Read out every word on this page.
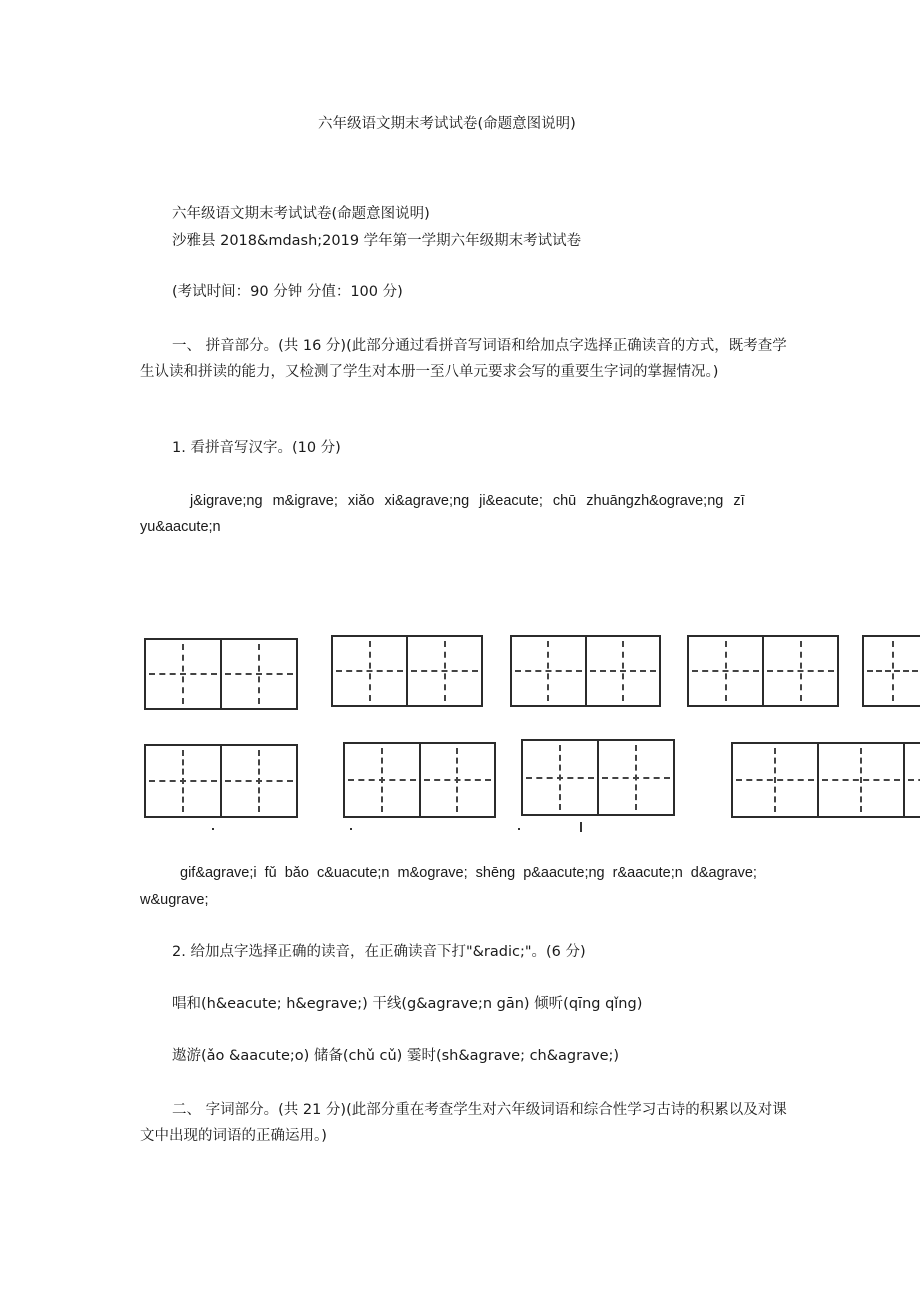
六年级语文期末考试试卷(命题意图说明)
六年级语文期末考试试卷(命题意图说明)
沙雅县 2018&mdash;2019 学年第一学期六年级期末考试试卷
(考试时间：90 分钟 分值：100 分)
一、 拼音部分。(共 16 分)(此部分通过看拼音写词语和给加点字选择正确读音的方式，既考查学生认读和拼读的能力，又检测了学生对本册一至八单元要求会写的重要生字词的掌握情况。)
1. 看拼音写汉字。(10 分)
j&igrave;ng m&igrave; xiǎo xi&agrave;ng ji&eacute; chū zhuāngzh&ograve;ng zī
yu&aacute;n
gif&agrave;i fǔ bǎo c&uacute;n m&ograve; shēng p&aacute;ng r&aacute;n d&agrave;
w&ugrave;
2. 给加点字选择正确的读音，在正确读音下打"&radic;"。(6 分)
唱和(h&eacute; h&egrave;) 干线(g&agrave;n gān) 倾听(qīng qǐng)
遨游(ǎo &aacute;o) 储备(chǔ cǔ) 霎时(sh&agrave; ch&agrave;)
二、 字词部分。(共 21 分)(此部分重在考查学生对六年级词语和综合性学习古诗的积累以及对课文中出现的词语的正确运用。)
